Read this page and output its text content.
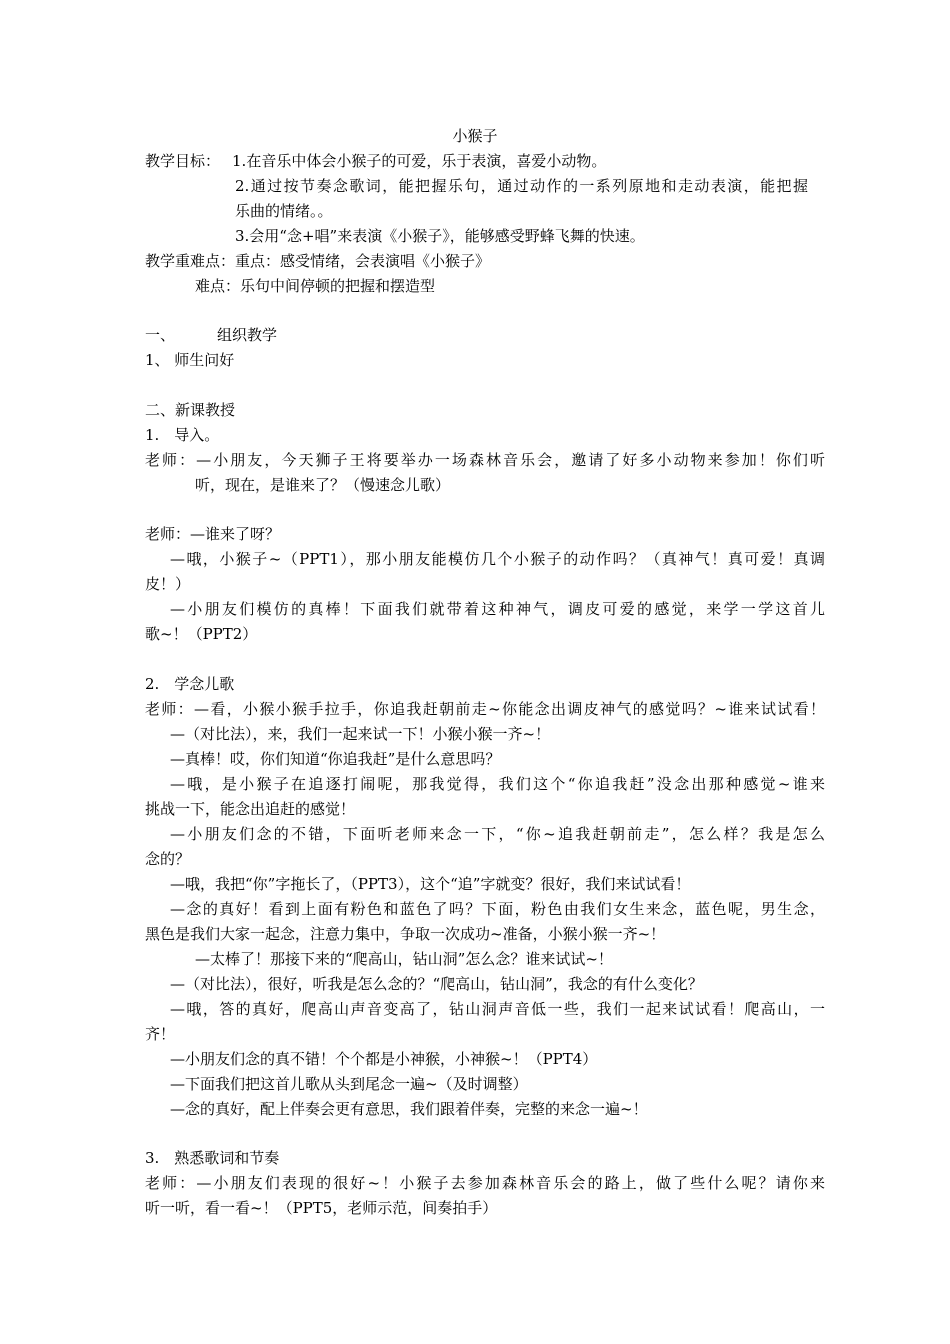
小猴子
教学目标： 1.在音乐中体会小猴子的可爱，乐于表演，喜爱小动物。
2.通过按节奏念歌词，能把握乐句，通过动作的一系列原地和走动表演，能把握
乐曲的情绪。。
3.会用“念+唱”来表演《小猴子》，能够感受野蜂飞舞的快速。
教学重难点：重点：感受情绪，会表演唱《小猴子》
难点：乐句中间停顿的把握和摆造型
一、	组织教学
1、 师生问好
二、新课教授
1.　导入。
老师：—小朋友，今天狮子王将要举办一场森林音乐会，邀请了好多小动物来参加！你们听
听，现在，是谁来了？（慢速念儿歌）
老师：—谁来了呀？
—哦，小猴子~（PPT1），那小朋友能模仿几个小猴子的动作吗？（真神气！真可爱！真调
皮！）
—小朋友们模仿的真棒！下面我们就带着这种神气，调皮可爱的感觉，来学一学这首儿
歌~！（PPT2）
2.　学念儿歌
老师：—看，小猴小猴手拉手，你追我赶朝前走~你能念出调皮神气的感觉吗？~谁来试试看！
—（对比法），来，我们一起来试一下！小猴小猴一齐~！
—真棒！哎，你们知道“你追我赶”是什么意思吗？
—哦，是小猴子在追逐打闹呢，那我觉得，我们这个“你追我赶”没念出那种感觉~谁来
挑战一下，能念出追赶的感觉！
—小朋友们念的不错，下面听老师来念一下，“你~追我赶朝前走”，怎么样？我是怎么
念的？
—哦，我把“你”字拖长了，（PPT3），这个“追”字就变？很好，我们来试试看！
—念的真好！看到上面有粉色和蓝色了吗？下面，粉色由我们女生来念，蓝色呢，男生念，
黑色是我们大家一起念，注意力集中，争取一次成功~准备，小猴小猴一齐~！
—太棒了！那接下来的“爬高山，钻山洞”怎么念？谁来试试~！
—（对比法），很好，听我是怎么念的？“爬高山，钻山洞”，我念的有什么变化？
—哦，答的真好，爬高山声音变高了，钻山洞声音低一些，我们一起来试试看！爬高山，一
齐！
—小朋友们念的真不错！个个都是小神猴，小神猴~！（PPT4）
—下面我们把这首儿歌从头到尾念一遍~（及时调整）
—念的真好，配上伴奏会更有意思，我们跟着伴奏，完整的来念一遍~！
3.　熟悉歌词和节奏
老师：—小朋友们表现的很好~！小猴子去参加森林音乐会的路上，做了些什么呢？请你来
听一听，看一看~！（PPT5，老师示范，间奏拍手）
